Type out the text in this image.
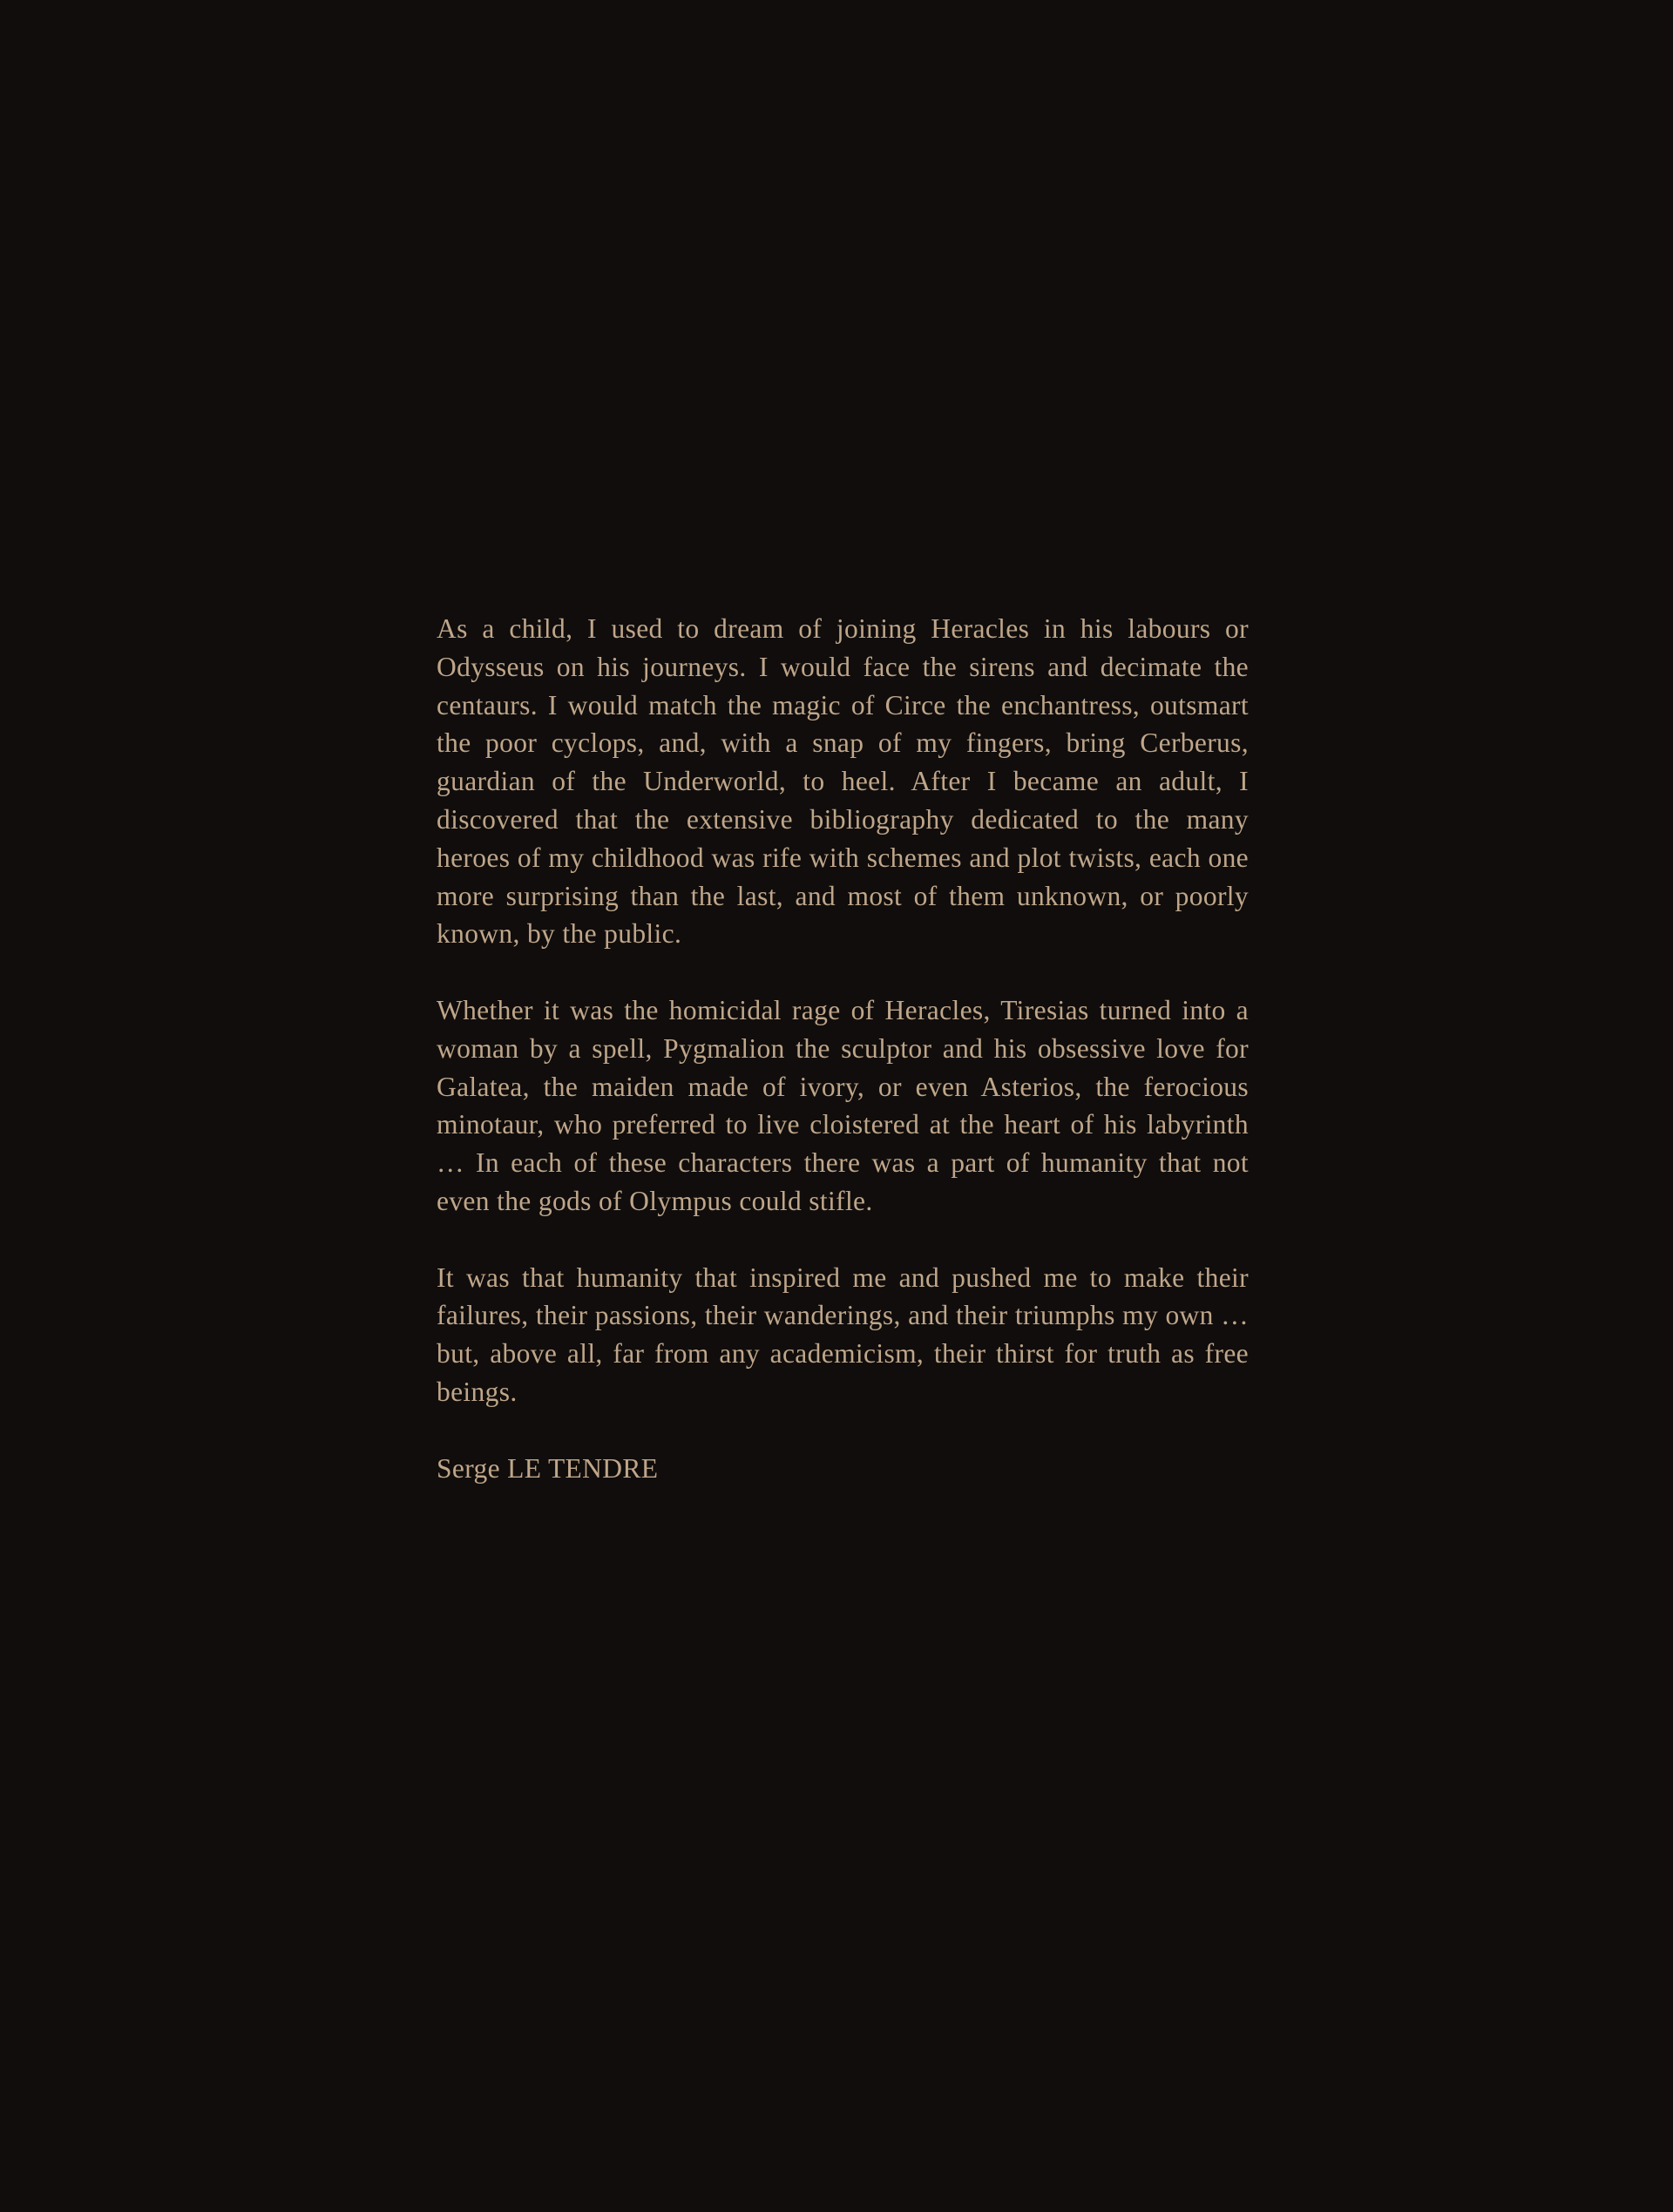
As a child, I used to dream of joining Heracles in his labours or Odysseus on his journeys. I would face the sirens and decimate the centaurs. I would match the magic of Circe the enchantress, outsmart the poor cyclops, and, with a snap of my fingers, bring Cerberus, guardian of the Underworld, to heel. After I became an adult, I discovered that the extensive bibliography dedicated to the many heroes of my childhood was rife with schemes and plot twists, each one more surprising than the last, and most of them unknown, or poorly known, by the public.

Whether it was the homicidal rage of Heracles, Tiresias turned into a woman by a spell, Pygmalion the sculptor and his obsessive love for Galatea, the maiden made of ivory, or even Asterios, the ferocious minotaur, who preferred to live cloistered at the heart of his labyrinth … In each of these characters there was a part of humanity that not even the gods of Olympus could stifle.

It was that humanity that inspired me and pushed me to make their failures, their passions, their wanderings, and their triumphs my own … but, above all, far from any academicism, their thirst for truth as free beings.

Serge LE TENDRE
